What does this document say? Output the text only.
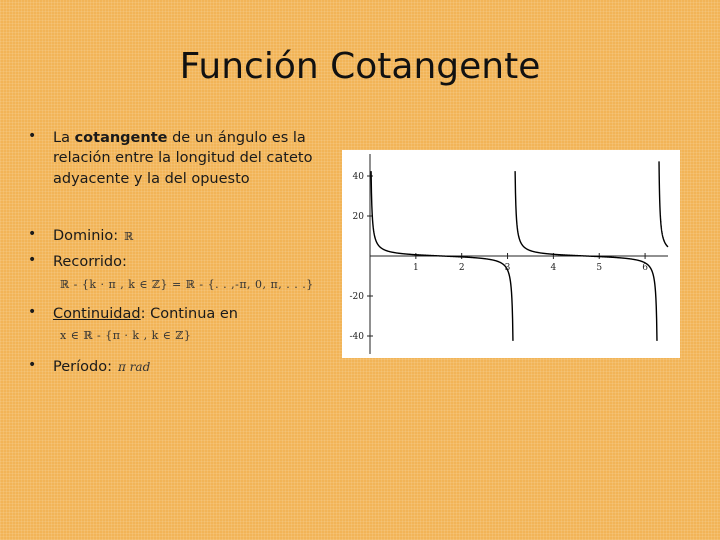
Función Cotangente
• La cotangente de un ángulo es la relación entre la longitud del cateto adyacente y la del opuesto
• Dominio: ℝ
• Recorrido:
ℝ - {k · π , k ∈ ℤ} = ℝ - {. . ,-π, 0, π, . . .}
• Continuidad: Continua en
x ∈ ℝ - {π · k , k ∈ ℤ}
• Período: π rad
1	2	3	4	5	6
40
20
-20
-40
